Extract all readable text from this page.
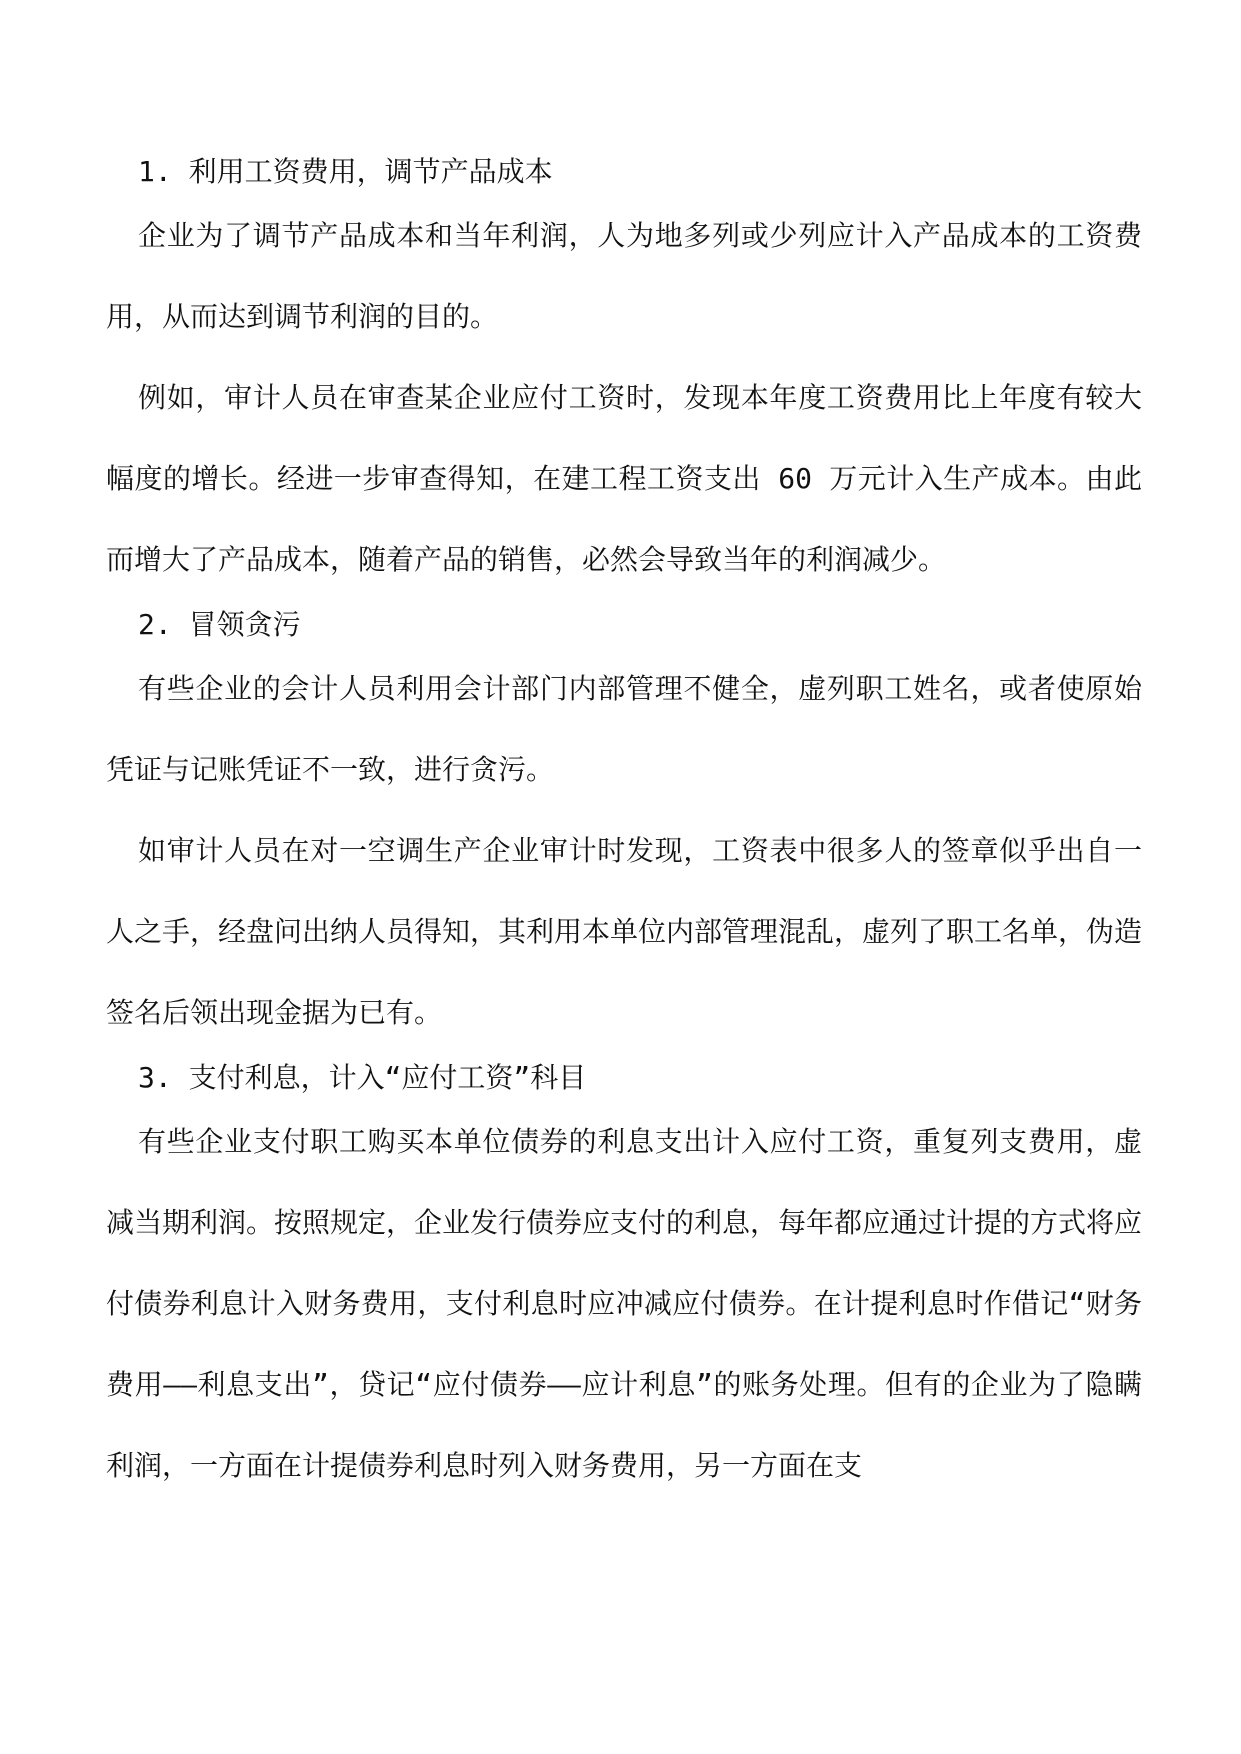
1. 利用工资费用，调节产品成本

企业为了调节产品成本和当年利润，人为地多列或少列应计入产品成本的工资费用，从而达到调节利润的目的。

例如，审计人员在审查某企业应付工资时，发现本年度工资费用比上年度有较大幅度的增长。经进一步审查得知，在建工程工资支出 60 万元计入生产成本。由此而增大了产品成本，随着产品的销售，必然会导致当年的利润减少。

2. 冒领贪污

有些企业的会计人员利用会计部门内部管理不健全，虚列职工姓名，或者使原始凭证与记账凭证不一致，进行贪污。

如审计人员在对一空调生产企业审计时发现，工资表中很多人的签章似乎出自一人之手，经盘问出纳人员得知，其利用本单位内部管理混乱，虚列了职工名单，伪造签名后领出现金据为已有。

3. 支付利息，计入“应付工资”科目

有些企业支付职工购买本单位债券的利息支出计入应付工资，重复列支费用，虚减当期利润。按照规定，企业发行债券应支付的利息，每年都应通过计提的方式将应付债券利息计入财务费用，支付利息时应冲减应付债券。在计提利息时作借记“财务费用——利息支出”，贷记“应付债券——应计利息”的账务处理。但有的企业为了隐瞒利润，一方面在计提债券利息时列入财务费用，另一方面在支
